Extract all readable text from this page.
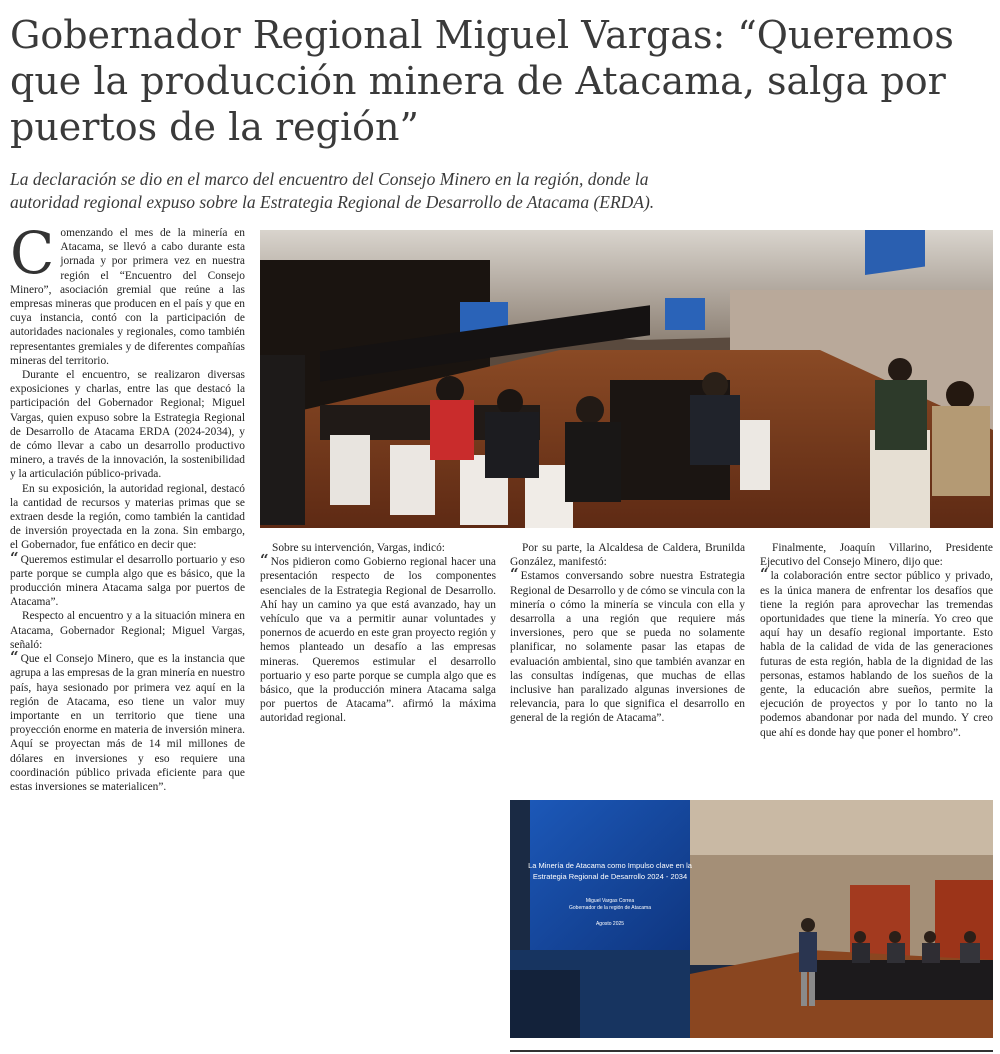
Gobernador Regional Miguel Vargas: “Queremos que la producción minera de Atacama, salga por puertos de la región”

La declaración se dio en el marco del encuentro del Consejo Minero en la región, donde la autoridad regional expuso sobre la Estrategia Regional de Desarrollo de Atacama (ERDA).

La Minería de Atacama como Impulso clave en la
Estrategia Regional de Desarrollo 2024 - 2034
Miguel Vargas Correa
Gobernador de la región de Atacama
Agosto 2025

Comenzando el mes de la minería en Atacama, se llevó a cabo durante esta jornada y por primera vez en nuestra región el “Encuentro del Consejo Minero”, asociación gremial que reúne a las empresas mineras que producen en el país y que en cuya instancia, contó con la participación de autoridades nacionales y regionales, como también representantes gremiales y de diferentes compañías mineras del territorio.

Durante el encuentro, se realizaron diversas exposiciones y charlas, entre las que destacó la participación del Gobernador Regional; Miguel Vargas, quien expuso sobre la Estrategia Regional de Desarrollo de Atacama ERDA (2024-2034), y de cómo llevar a cabo un desarrollo productivo minero, a través de la innovación, la sostenibilidad y la articulación público-privada.

En su exposición, la autoridad regional, destacó la cantidad de recursos y materias primas que se extraen desde la región, como también la cantidad de inversión proyectada en la zona. Sin embargo, el Gobernador, fue enfático en decir que:

“ Queremos estimular el desarrollo portuario y eso parte porque se cumpla algo que es básico, que la producción minera Atacama salga por puertos de Atacama”.

Respecto al encuentro y a la situación minera en Atacama, Gobernador Regional; Miguel Vargas, señaló:

“ Que el Consejo Minero, que es la instancia que agrupa a las empresas de la gran minería en nuestro país, haya sesionado por primera vez aquí en la región de Atacama, eso tiene un valor muy importante en un territorio que tiene una proyección enorme en materia de inversión minera. Aquí se proyectan más de 14 mil millones de dólares en inversiones y eso requiere una coordinación público privada eficiente para que estas inversiones se materialicen”.

Sobre su intervención, Vargas, indicó:

“ Nos pidieron como Gobierno regional hacer una presentación respecto de los componentes esenciales de la Estrategia Regional de Desarrollo. Ahí hay un camino ya que está avanzado, hay un vehículo que va a permitir aunar voluntades y ponernos de acuerdo en este gran proyecto región y hemos planteado un desafío a las empresas mineras. Queremos estimular el desarrollo portuario y eso parte porque se cumpla algo que es básico, que la producción minera Atacama salga por puertos de Atacama”. afirmó la máxima autoridad regional.

Por su parte, la Alcaldesa de Caldera, Brunilda González, manifestó:

“ Estamos conversando sobre nuestra Estrategia Regional de Desarrollo y de cómo se vincula con la minería o cómo la minería se vincula con ella y desarrolla a una región que requiere más inversiones, pero que se pueda no solamente planificar, no solamente pasar las etapas de evaluación ambiental, sino que también avanzar en las consultas indígenas, que muchas de ellas inclusive han paralizado algunas inversiones de relevancia, para lo que significa el desarrollo en general de la región de Atacama”.

Finalmente, Joaquín Villarino, Presidente Ejecutivo del Consejo Minero, dijo que:

“ la colaboración entre sector público y privado, es la única manera de enfrentar los desafíos que tiene la región para aprovechar las tremendas oportunidades que tiene la minería. Yo creo que aquí hay un desafío regional importante. Esto habla de la calidad de vida de las generaciones futuras de esta región, habla de la dignidad de las personas, estamos hablando de los sueños de la gente, la educación abre sueños, permite la ejecución de proyectos y por lo tanto no la podemos abandonar por nada del mundo. Y creo que ahí es donde hay que poner el hombro”.
